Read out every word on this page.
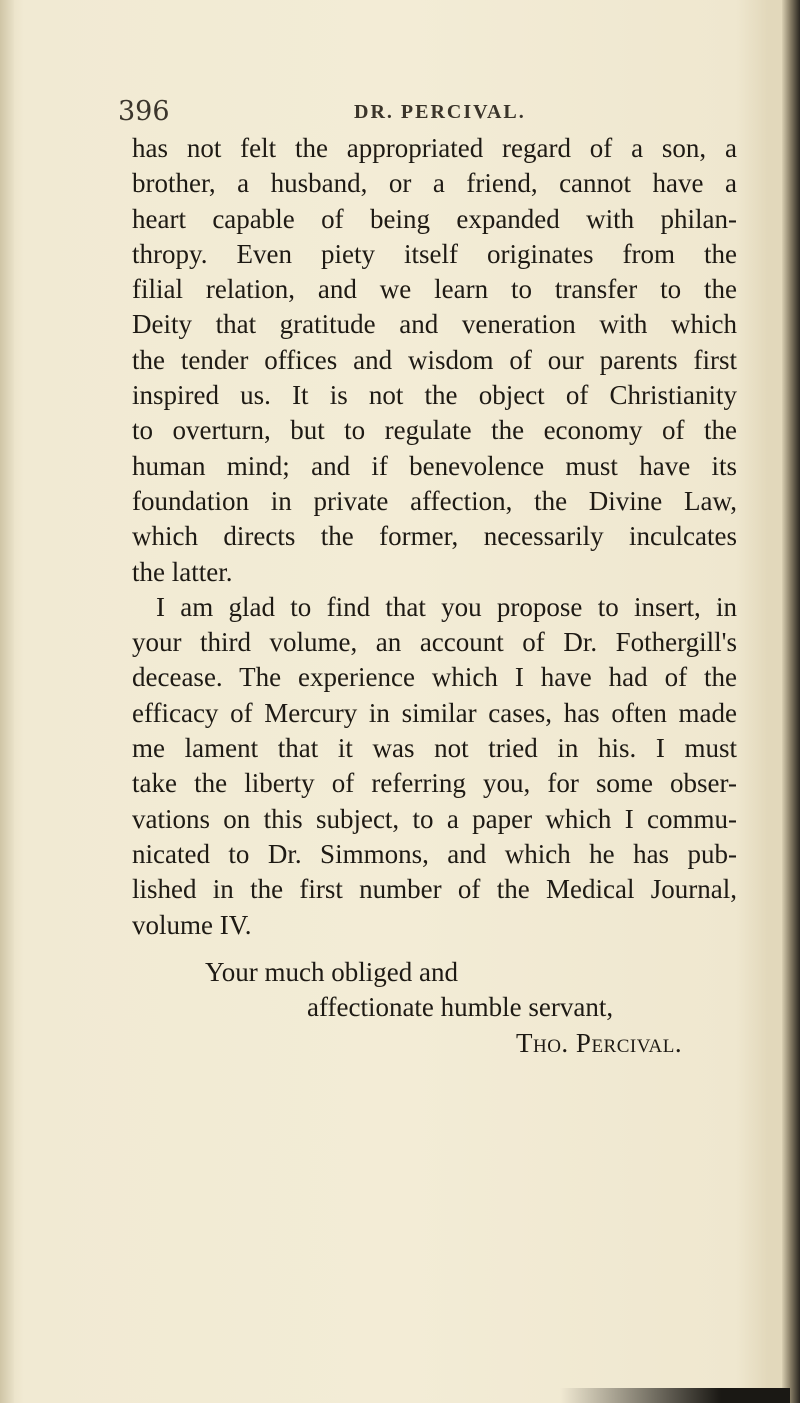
396	DR. PERCIVAL.
has not felt the appropriated regard of a son, a
brother, a husband, or a friend, cannot have a
heart capable of being expanded with philan-
thropy. Even piety itself originates from the
filial relation, and we learn to transfer to the
Deity that gratitude and veneration with which
the tender offices and wisdom of our parents first
inspired us. It is not the object of Christianity
to overturn, but to regulate the economy of the
human mind; and if benevolence must have its
foundation in private affection, the Divine Law,
which directs the former, necessarily inculcates
the latter.
I am glad to find that you propose to insert, in
your third volume, an account of Dr. Fothergill's
decease. The experience which I have had of the
efficacy of Mercury in similar cases, has often made
me lament that it was not tried in his. I must
take the liberty of referring you, for some obser-
vations on this subject, to a paper which I commu-
nicated to Dr. Simmons, and which he has pub-
lished in the first number of the Medical Journal,
volume IV.
Your much obliged and
affectionate humble servant,
Tho. Percival.
